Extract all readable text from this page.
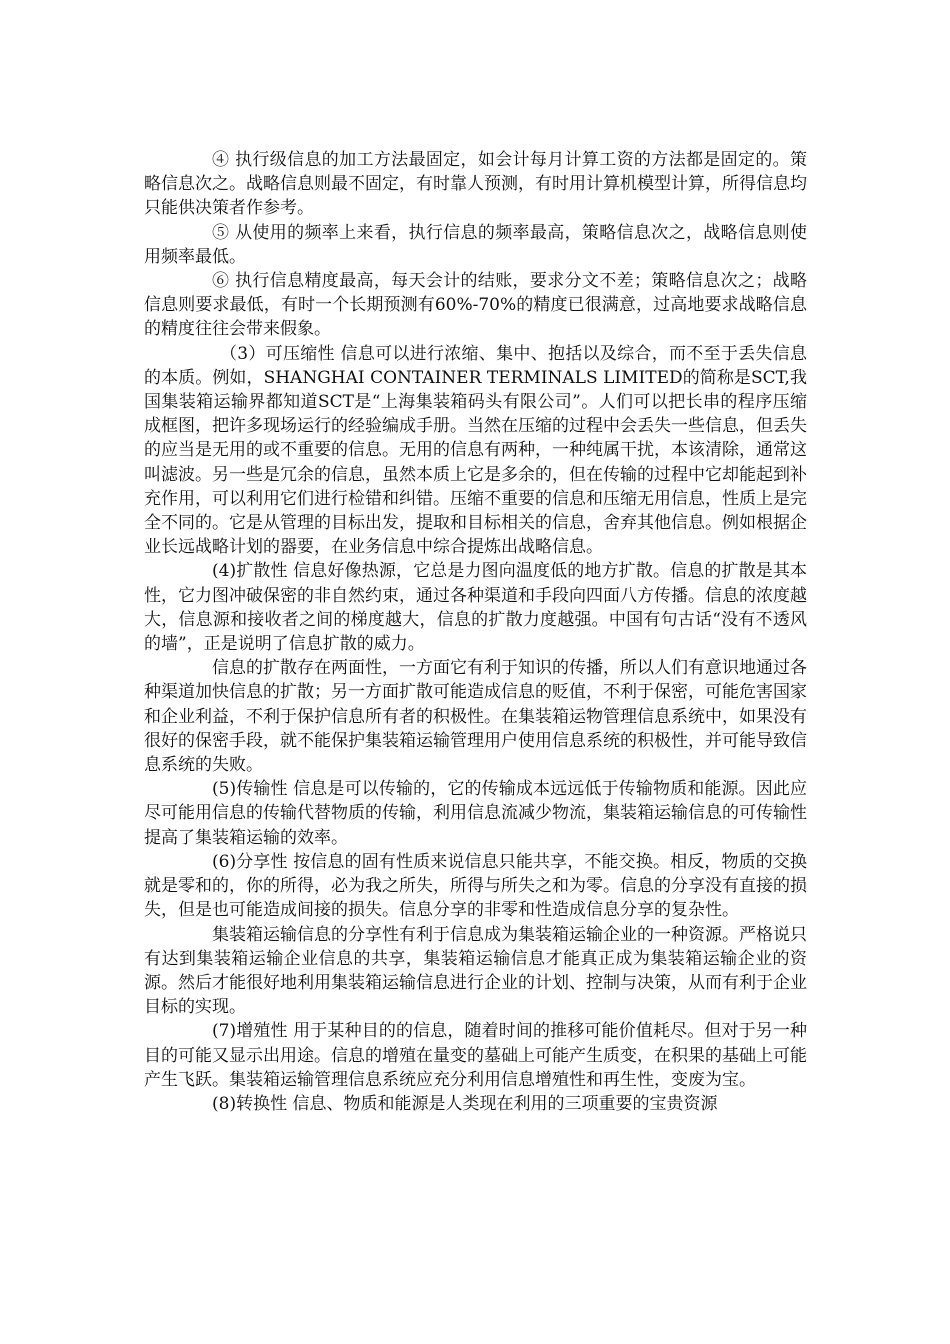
④ 执行级信息的加工方法最固定，如会计每月计算工资的方法都是固定的。策略信息次之。战略信息则最不固定，有时靠人预测，有时用计算机模型计算，所得信息均只能供决策者作参考。

⑤ 从使用的频率上来看，执行信息的频率最高，策略信息次之，战略信息则使用频率最低。

⑥ 执行信息精度最高，每天会计的结账，要求分文不差；策略信息次之；战略信息则要求最低，有时一个长期预测有60%-70%的精度已很满意，过高地要求战略信息的精度往往会带来假象。

（3）可压缩性 信息可以进行浓缩、集中、抱括以及综合，而不至于丢失信息的本质。例如，SHANGHAI CONTAINER TERMINALS LIMITED的简称是SCT,我国集装箱运输界都知道SCT是“上海集装箱码头有限公司”。人们可以把长串的程序压缩成框图，把许多现场运行的经验编成手册。当然在压缩的过程中会丢失一些信息，但丢失的应当是无用的或不重要的信息。无用的信息有两种，一种纯属干扰，本该清除，通常这叫滤波。另一些是冗余的信息，虽然本质上它是多余的，但在传输的过程中它却能起到补充作用，可以利用它们进行检错和纠错。压缩不重要的信息和压缩无用信息，性质上是完全不同的。它是从管理的目标出发，提取和目标相关的信息，舍弃其他信息。例如根据企业长远战略计划的器要，在业务信息中综合提炼出战略信息。

(4)扩散性 信息好像热源，它总是力图向温度低的地方扩散。信息的扩散是其本性，它力图冲破保密的非自然约束，通过各种渠道和手段向四面八方传播。信息的浓度越大，信息源和接收者之间的梯度越大，信息的扩散力度越强。中国有句古话“没有不透风的墙”，正是说明了信息扩散的威力。

信息的扩散存在两面性，一方面它有利于知识的传播，所以人们有意识地通过各种渠道加快信息的扩散；另一方面扩散可能造成信息的贬值，不利于保密，可能危害国家和企业利益，不利于保护信息所有者的积极性。在集装箱运物管理信息系统中，如果没有很好的保密手段，就不能保护集装箱运输管理用户使用信息系统的积极性，并可能导致信息系统的失败。

(5)传输性 信息是可以传输的，它的传输成本远远低于传输物质和能源。因此应尽可能用信息的传输代替物质的传输，利用信息流减少物流，集装箱运输信息的可传输性提高了集装箱运输的效率。

(6)分享性 按信息的固有性质来说信息只能共享，不能交换。相反，物质的交换就是零和的，你的所得，必为我之所失，所得与所失之和为零。信息的分享没有直接的损失，但是也可能造成间接的损失。信息分享的非零和性造成信息分享的复杂性。

集装箱运输信息的分享性有利于信息成为集装箱运输企业的一种资源。严格说只有达到集装箱运输企业信息的共享，集装箱运输信息才能真正成为集装箱运输企业的资源。然后才能很好地利用集装箱运输信息进行企业的计划、控制与决策，从而有利于企业目标的实现。

(7)增殖性 用于某种目的的信息，随着时间的推移可能价值耗尽。但对于另一种目的可能又显示出用途。信息的增殖在量变的墓础上可能产生质变，在积果的基础上可能产生飞跃。集装箱运输管理信息系统应充分利用信息增殖性和再生性，变废为宝。

(8)转换性 信息、物质和能源是人类现在利用的三项重要的宝贵资源
